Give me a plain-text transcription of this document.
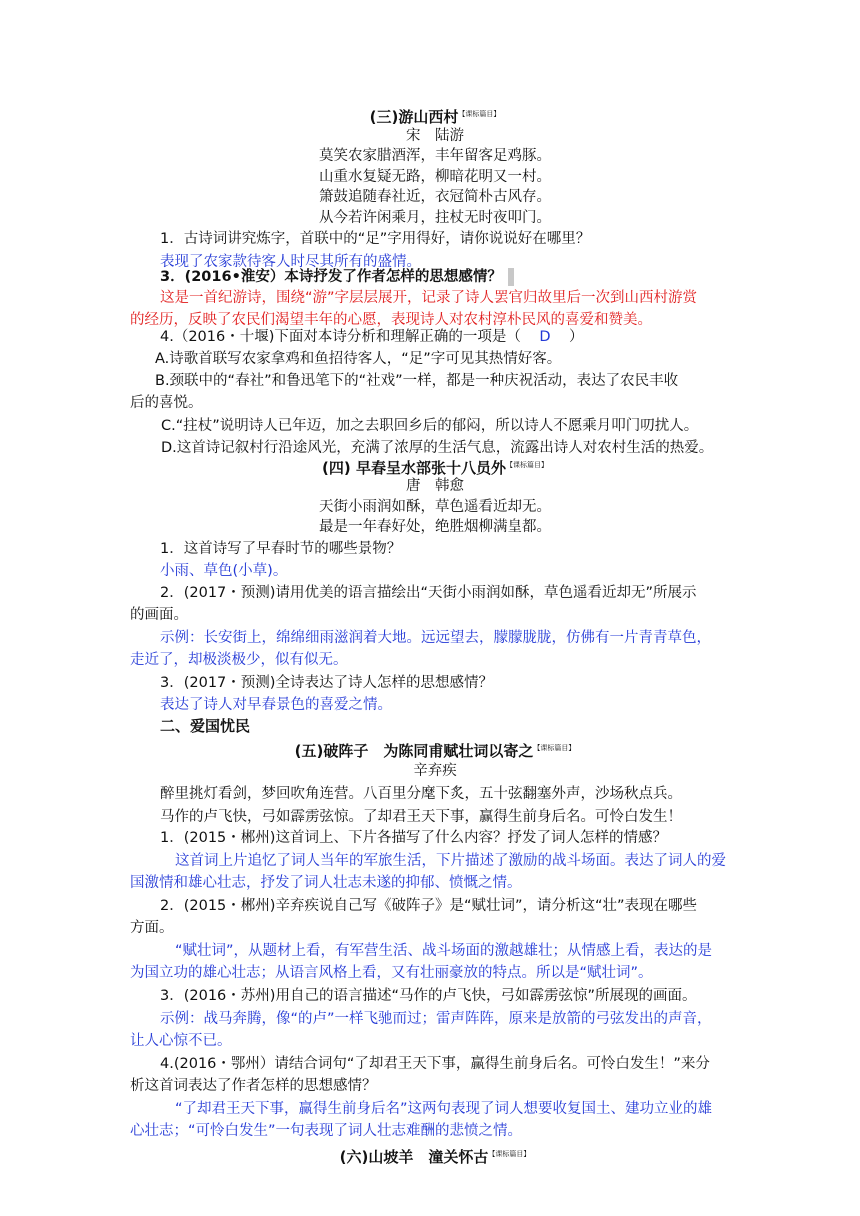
(三)游山西村$^{【课标篇目】}$
宋　陆游
莫笑农家腊酒浑，丰年留客足鸡豚。
山重水复疑无路，柳暗花明又一村。
箫鼓追随春社近，衣冠简朴古风存。
从今若许闲乘月，拄杖无时夜叩门。
1．古诗词讲究炼字，首联中的“足”字用得好，请你说说好在哪里？
表现了农家款待客人时尽其所有的盛情。
3．(2016•淮安）本诗抒发了作者怎样的思想感情？
这是一首纪游诗，围绕“游”字层层展开，记录了诗人罢官归故里后一次到山西村游赏
的经历，反映了农民们渴望丰年的心愿，表现诗人对农村淳朴民风的喜爱和赞美。
4.（2016・十堰)下面对本诗分析和理解正确的一项是（ D ）
A.诗歌首联写农家拿鸡和鱼招待客人，“足”字可见其热情好客。
B.颈联中的“春社”和鲁迅笔下的“社戏”一样，都是一种庆祝活动，表达了农民丰收
后的喜悦。
C.“拄杖”说明诗人已年迈，加之去职回乡后的郁闷，所以诗人不愿乘月叩门叨扰人。
D.这首诗记叙村行沿途风光，充满了浓厚的生活气息，流露出诗人对农村生活的热爱。
(四) 早春呈水部张十八员外$^{【课标篇目】}$
唐　韩愈
天街小雨润如酥，草色遥看近却无。
最是一年春好处，绝胜烟柳满皇都。
1．这首诗写了早春时节的哪些景物？
小雨、草色(小草)。
2．(2017・预测)请用优美的语言描绘出“天街小雨润如酥，草色遥看近却无”所展示
的画面。
示例：长安街上，绵绵细雨滋润着大地。远远望去，朦朦胧胧，仿佛有一片青青草色，
走近了，却极淡极少，似有似无。
3．(2017・预测)全诗表达了诗人怎样的思想感情？
表达了诗人对早春景色的喜爱之情。
二、爱国忧民
(五)破阵子　为陈同甫赋壮词以寄之$^{【课标篇目】}$
辛弃疾
醉里挑灯看剑，梦回吹角连营。八百里分麾下炙，五十弦翻塞外声，沙场秋点兵。
马作的卢飞快，弓如霹雳弦惊。了却君王天下事，赢得生前身后名。可怜白发生！
1．(2015・郴州)这首词上、下片各描写了什么内容？抒发了词人怎样的情感？
这首词上片追忆了词人当年的军旅生活，下片描述了激励的战斗场面。表达了词人的爱
国激情和雄心壮志，抒发了词人壮志未遂的抑郁、愤慨之情。
2．(2015・郴州)辛弃疾说自己写《破阵子》是“赋壮词”，请分析这“壮”表现在哪些
方面。
“赋壮词”，从题材上看，有军营生活、战斗场面的激越雄壮；从情感上看，表达的是
为国立功的雄心壮志；从语言风格上看，又有壮丽豪放的特点。所以是“赋壮词”。
3．(2016・苏州)用自己的语言描述“马作的卢飞快，弓如霹雳弦惊”所展现的画面。
示例：战马奔腾，像“的卢”一样飞驰而过；雷声阵阵，原来是放箭的弓弦发出的声音，
让人心惊不已。
4.(2016・鄂州）请结合词句“了却君王天下事，赢得生前身后名。可怜白发生！”来分
析这首词表达了作者怎样的思想感情？
“了却君王天下事，赢得生前身后名”这两句表现了词人想要收复国土、建功立业的雄
心壮志；“可怜白发生”一句表现了词人壮志难酬的悲愤之情。
(六)山坡羊　潼关怀古$^{【课标篇目】}$
